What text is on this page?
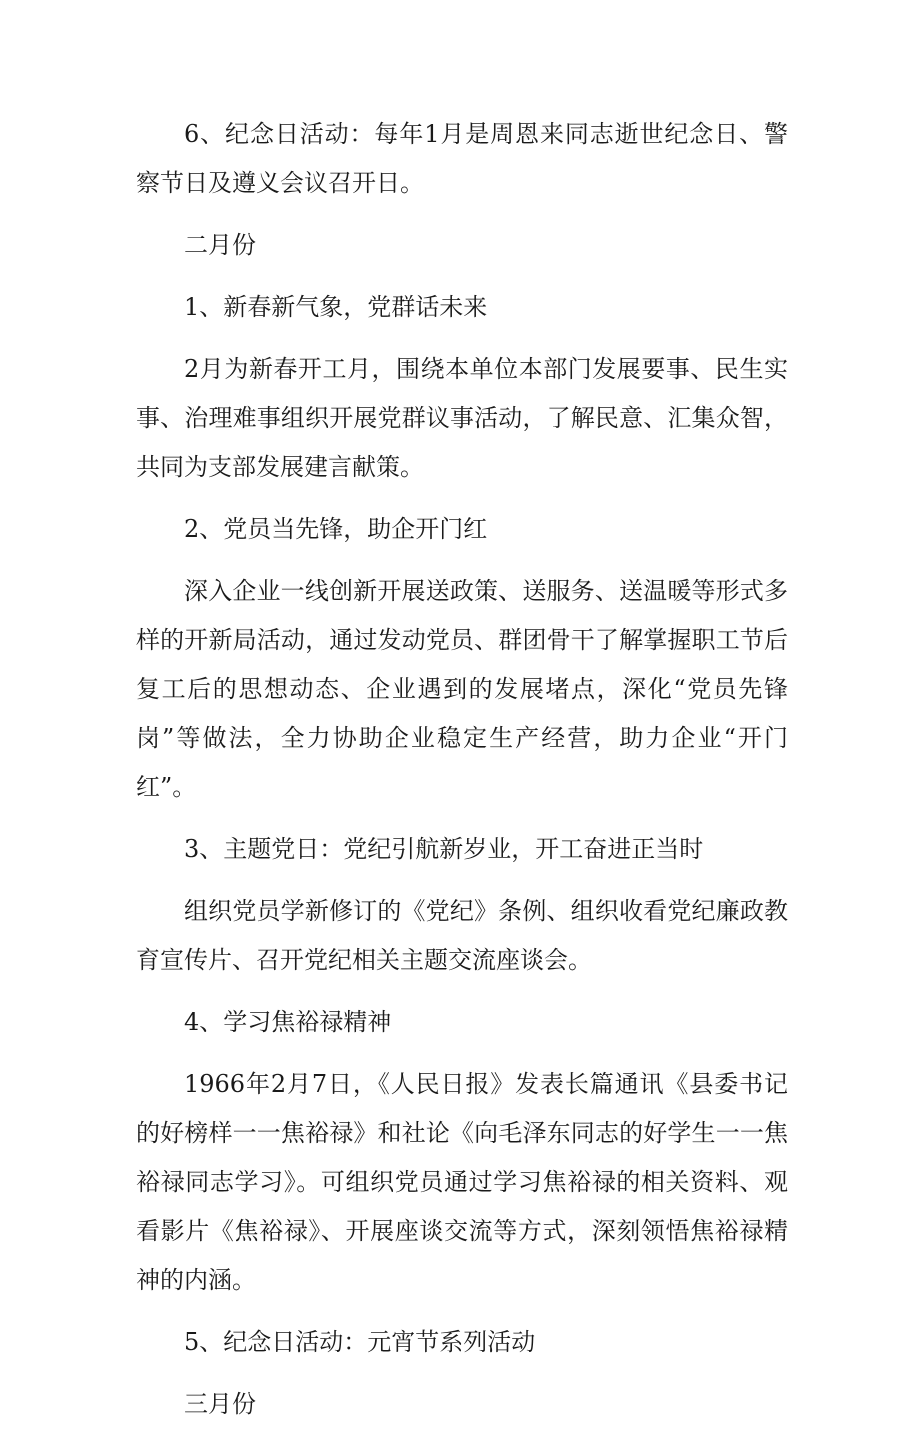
6、纪念日活动：每年1月是周恩来同志逝世纪念日、警察节日及遵义会议召开日。

二月份

1、新春新气象，党群话未来

2月为新春开工月，围绕本单位本部门发展要事、民生实事、治理难事组织开展党群议事活动，了解民意、汇集众智，共同为支部发展建言献策。

2、党员当先锋，助企开门红

深入企业一线创新开展送政策、送服务、送温暖等形式多样的开新局活动，通过发动党员、群团骨干了解掌握职工节后复工后的思想动态、企业遇到的发展堵点，深化“党员先锋岗”等做法，全力协助企业稳定生产经营，助力企业“开门红”。

3、主题党日：党纪引航新岁业，开工奋进正当时

组织党员学新修订的《党纪》条例、组织收看党纪廉政教育宣传片、召开党纪相关主题交流座谈会。

4、学习焦裕禄精神

1966年2月7日，《人民日报》发表长篇通讯《县委书记的好榜样一一焦裕禄》和社论《向毛泽东同志的好学生一一焦裕禄同志学习》。可组织党员通过学习焦裕禄的相关资料、观看影片《焦裕禄》、开展座谈交流等方式，深刻领悟焦裕禄精神的内涵。

5、纪念日活动：元宵节系列活动

三月份
